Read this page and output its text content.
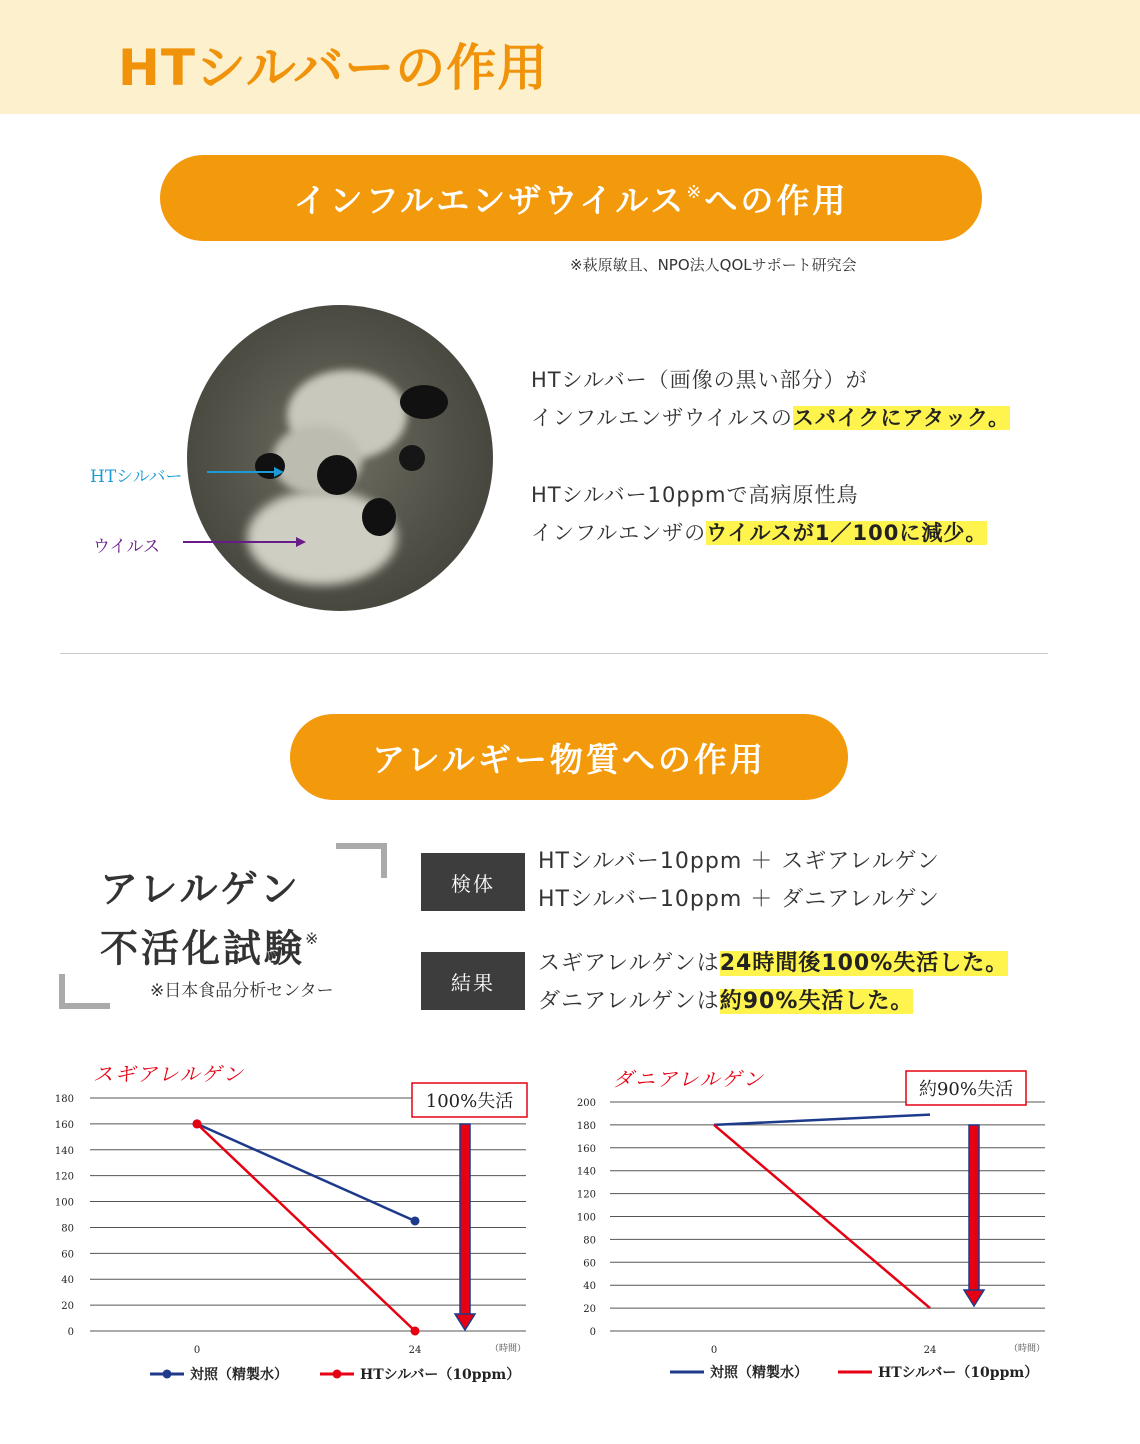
HTシルバーの作用
インフルエンザウイルス※ への作用
※萩原敏且、NPO法人QOLサポート研究会
HTシルバー
ウイルス
HTシルバー（画像の黒い部分）が
インフルエンザウイルスのスパイクにアタック。
HTシルバー10ppmで高病原性鳥
インフルエンザのウイルスが1／100に減少。
アレルギー物質への作用
アレルゲン
不活化試験※
※日本食品分析センター
検体
HTシルバー10ppm ＋ スギアレルゲン
HTシルバー10ppm ＋ ダニアレルゲン
結果
スギアレルゲンは24時間後100%失活した。
ダニアレルゲンは約90%失活した。
スギアレルゲン	ダニアレルゲン
0
20
40
60
80
100
120
140
160
180
0	24	（時間）
100%失活
対照（精製水）	HTシルバー（10ppm）
0
20
40
60
80
100
120
140
160
180
200
0	24	（時間）
約90%失活
対照（精製水）	HTシルバー（10ppm）
